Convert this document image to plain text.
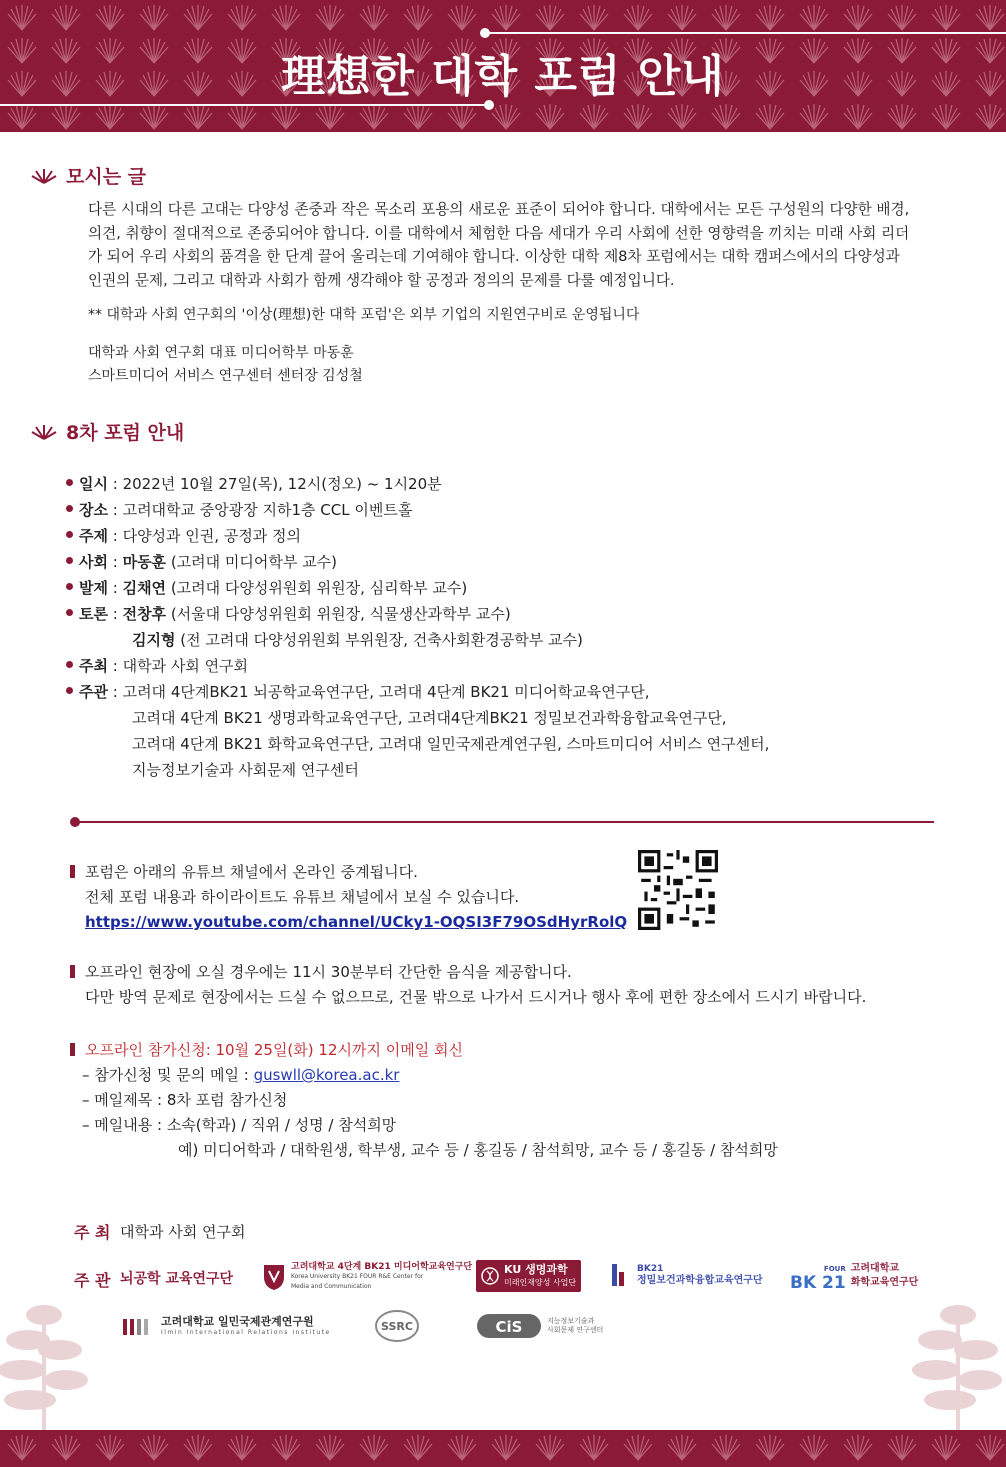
理想한 대학 포럼 안내
모시는 글
다른 시대의 다른 고대는 다양성 존중과 작은 목소리 포용의 새로운 표준이 되어야 합니다. 대학에서는 모든 구성원의 다양한 배경, 의견, 취향이 절대적으로 존중되어야 합니다. 이를 대학에서 체험한 다음 세대가 우리 사회에 선한 영향력을 끼치는 미래 사회 리더가 되어 우리 사회의 품격을 한 단계 끌어 올리는데 기여해야 합니다. 이상한 대학 제8차 포럼에서는 대학 캠퍼스에서의 다양성과 인권의 문제, 그리고 대학과 사회가 함께 생각해야 할 공정과 정의의 문제를 다룰 예정입니다.
** 대학과 사회 연구회의 '이상(理想)한 대학 포럼'은 외부 기업의 지원연구비로 운영됩니다
대학과 사회 연구회 대표 미디어학부 마동훈
스마트미디어 서비스 연구센터 센터장 김성철
8차 포럼 안내
일시 : 2022년 10월 27일(목), 12시(정오) ~ 1시20분
장소 : 고려대학교 중앙광장 지하1층 CCL 이벤트홀
주제 : 다양성과 인권, 공정과 정의
사회 : 마동훈 (고려대 미디어학부 교수)
발제 : 김채연 (고려대 다양성위원회 위원장, 심리학부 교수)
토론 : 전창후 (서울대 다양성위원회 위원장, 식물생산과학부 교수)
김지형 (전 고려대 다양성위원회 부위원장, 건축사회환경공학부 교수)
주최 : 대학과 사회 연구회
주관 : 고려대 4단계BK21 뇌공학교육연구단, 고려대 4단계 BK21 미디어학교육연구단,
고려대 4단계 BK21 생명과학교육연구단, 고려대4단계BK21 정밀보건과학융합교육연구단,
고려대 4단계 BK21 화학교육연구단, 고려대 일민국제관계연구원, 스마트미디어 서비스 연구센터,
지능정보기술과 사회문제 연구센터
포럼은 아래의 유튜브 채널에서 온라인 중계됩니다.
전체 포럼 내용과 하이라이트도 유튜브 채널에서 보실 수 있습니다.
https://www.youtube.com/channel/UCky1-OQSI3F79OSdHyrRolQ
오프라인 현장에 오실 경우에는 11시 30분부터 간단한 음식을 제공합니다.
다만 방역 문제로 현장에서는 드실 수 없으므로, 건물 밖으로 나가서 드시거나 행사 후에 편한 장소에서 드시기 바랍니다.
오프라인 참가신청: 10월 25일(화) 12시까지 이메일 회신
– 참가신청 및 문의 메일 : guswll@korea.ac.kr
– 메일제목 : 8차 포럼 참가신청
– 메일내용 : 소속(학과) / 직위 / 성명 / 참석희망
예) 미디어학과 / 대학원생, 학부생, 교수 등 / 홍길동 / 참석희망, 교수 등 / 홍길동 / 참석희망
주 최 대학과 사회 연구회
주 관 뇌공학 교육연구단
고려대학교 4단계 BK21 미디어학교육연구단
Korea University BK21 FOUR R&E Center for Media and Communication
KU 생명과학
미래인재양성 사업단
BK21
정밀보건과학융합교육연구단
FOUR
BK 21
고려대학교
화학교육연구단
고려대학교 일민국제관계연구원
Ilmin International Relations Institute	SSRC	CiS	지능정보기술과
사회문제 연구센터
